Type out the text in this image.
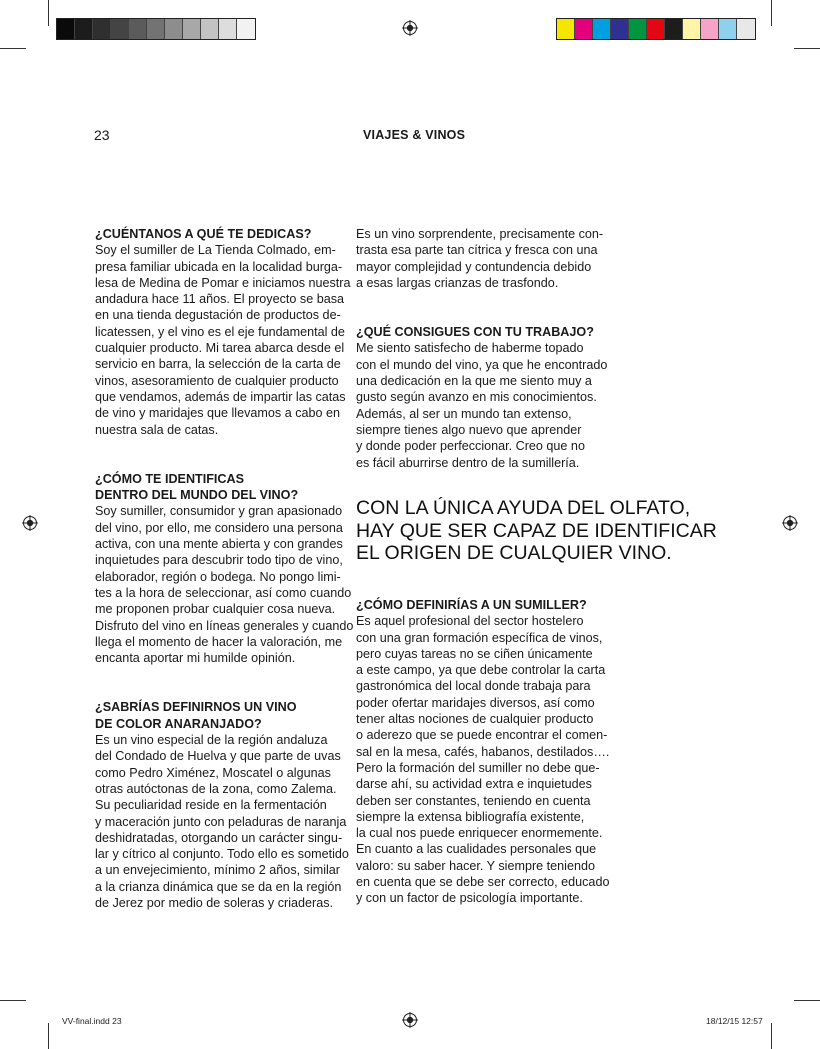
23	VIAJES & VINOS
¿CUÉNTANOS A QUÉ TE DEDICAS?
Soy el sumiller de La Tienda Colmado, em-
presa familiar ubicada en la localidad burga-
lesa de Medina de Pomar e iniciamos nuestra
andadura hace 11 años. El proyecto se basa
en una tienda degustación de productos de-
licatessen, y el vino es el eje fundamental de
cualquier producto. Mi tarea abarca desde el
servicio en barra, la selección de la carta de
vinos, asesoramiento de cualquier producto
que vendamos, además de impartir las catas
de vino y maridajes que llevamos a cabo en
nuestra sala de catas.
¿CÓMO TE IDENTIFICAS
DENTRO DEL MUNDO DEL VINO?
Soy sumiller, consumidor y gran apasionado
del vino, por ello, me considero una persona
activa, con una mente abierta y con grandes
inquietudes para descubrir todo tipo de vino,
elaborador, región o bodega. No pongo limi-
tes a la hora de seleccionar, así como cuando
me proponen probar cualquier cosa nueva.
Disfruto del vino en líneas generales y cuando
llega el momento de hacer la valoración, me
encanta aportar mi humilde opinión.
¿SABRÍAS DEFINIRNOS UN VINO
DE COLOR ANARANJADO?
Es un vino especial de la región andaluza
del Condado de Huelva y que parte de uvas
como Pedro Ximénez, Moscatel o algunas
otras autóctonas de la zona, como Zalema.
Su peculiaridad reside en la fermentación
y maceración junto con peladuras de naranja
deshidratadas, otorgando un carácter singu-
lar y cítrico al conjunto. Todo ello es sometido
a un envejecimiento, mínimo 2 años, similar
a la crianza dinámica que se da en la región
de Jerez por medio de soleras y criaderas.
Es un vino sorprendente, precisamente con-
trasta esa parte tan cítrica y fresca con una
mayor complejidad y contundencia debido
a esas largas crianzas de trasfondo.
¿QUÉ CONSIGUES CON TU TRABAJO?
Me siento satisfecho de haberme topado
con el mundo del vino, ya que he encontrado
una dedicación en la que me siento muy a
gusto según avanzo en mis conocimientos.
Además, al ser un mundo tan extenso,
siempre tienes algo nuevo que aprender
y donde poder perfeccionar. Creo que no
es fácil aburrirse dentro de la sumillería.
CON LA ÚNICA AYUDA DEL OLFATO,
HAY QUE SER CAPAZ DE IDENTIFICAR
EL ORIGEN DE CUALQUIER VINO.
¿CÓMO DEFINIRÍAS A UN SUMILLER?
Es aquel profesional del sector hostelero
con una gran formación específica de vinos,
pero cuyas tareas no se ciñen únicamente
a este campo, ya que debe controlar la carta
gastronómica del local donde trabaja para
poder ofertar maridajes diversos, así como
tener altas nociones de cualquier producto
o aderezo que se puede encontrar el comen-
sal en la mesa, cafés, habanos, destilados….
Pero la formación del sumiller no debe que-
darse ahí, su actividad extra e inquietudes
deben ser constantes, teniendo en cuenta
siempre la extensa bibliografía existente,
la cual nos puede enriquecer enormemente.
En cuanto a las cualidades personales que
valoro: su saber hacer. Y siempre teniendo
en cuenta que se debe ser correcto, educado
y con un factor de psicología importante.
VV-final.indd 23	18/12/15 12:57
